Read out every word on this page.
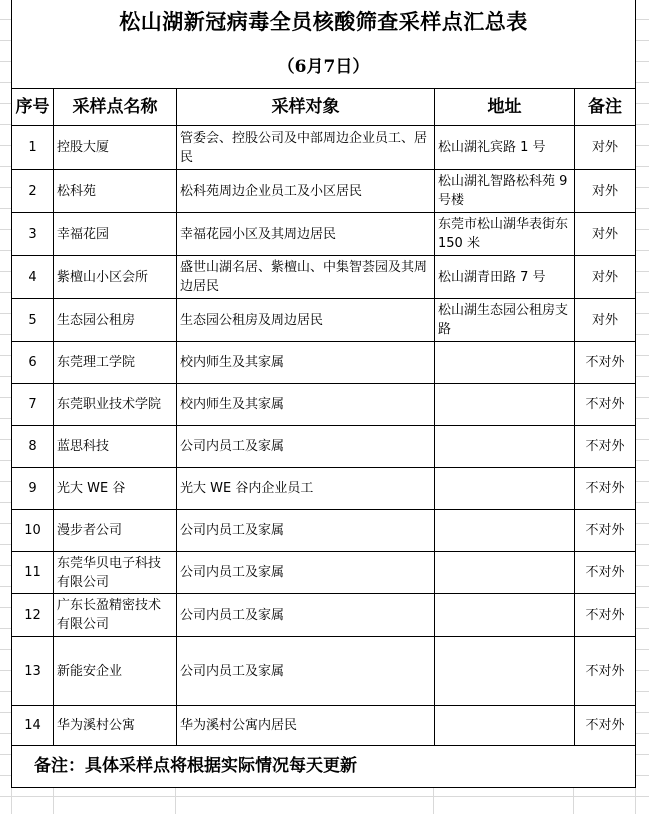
松山湖新冠病毒全员核酸筛查采样点汇总表
（6月7日）
序号	采样点名称	采样对象	地址	备注
1	控股大厦	管委会、控股公司及中部周边企业员工、居民	松山湖礼宾路 1 号	对外
2	松科苑	松科苑周边企业员工及小区居民	松山湖礼智路松科苑 9 号楼	对外
3	幸福花园	幸福花园小区及其周边居民	东莞市松山湖华表街东 150 米	对外
4	紫檀山小区会所	盛世山湖名居、紫檀山、中集智荟园及其周边居民	松山湖青田路 7 号	对外
5	生态园公租房	生态园公租房及周边居民	松山湖生态园公租房支路	对外
6	东莞理工学院	校内师生及其家属		不对外
7	东莞职业技术学院	校内师生及其家属		不对外
8	蓝思科技	公司内员工及家属		不对外
9	光大 WE 谷	光大 WE 谷内企业员工		不对外
10	漫步者公司	公司内员工及家属		不对外
11	东莞华贝电子科技有限公司	公司内员工及家属		不对外
12	广东长盈精密技术有限公司	公司内员工及家属		不对外
13	新能安企业	公司内员工及家属		不对外
14	华为溪村公寓	华为溪村公寓内居民		不对外
备注：具体采样点将根据实际情况每天更新				
